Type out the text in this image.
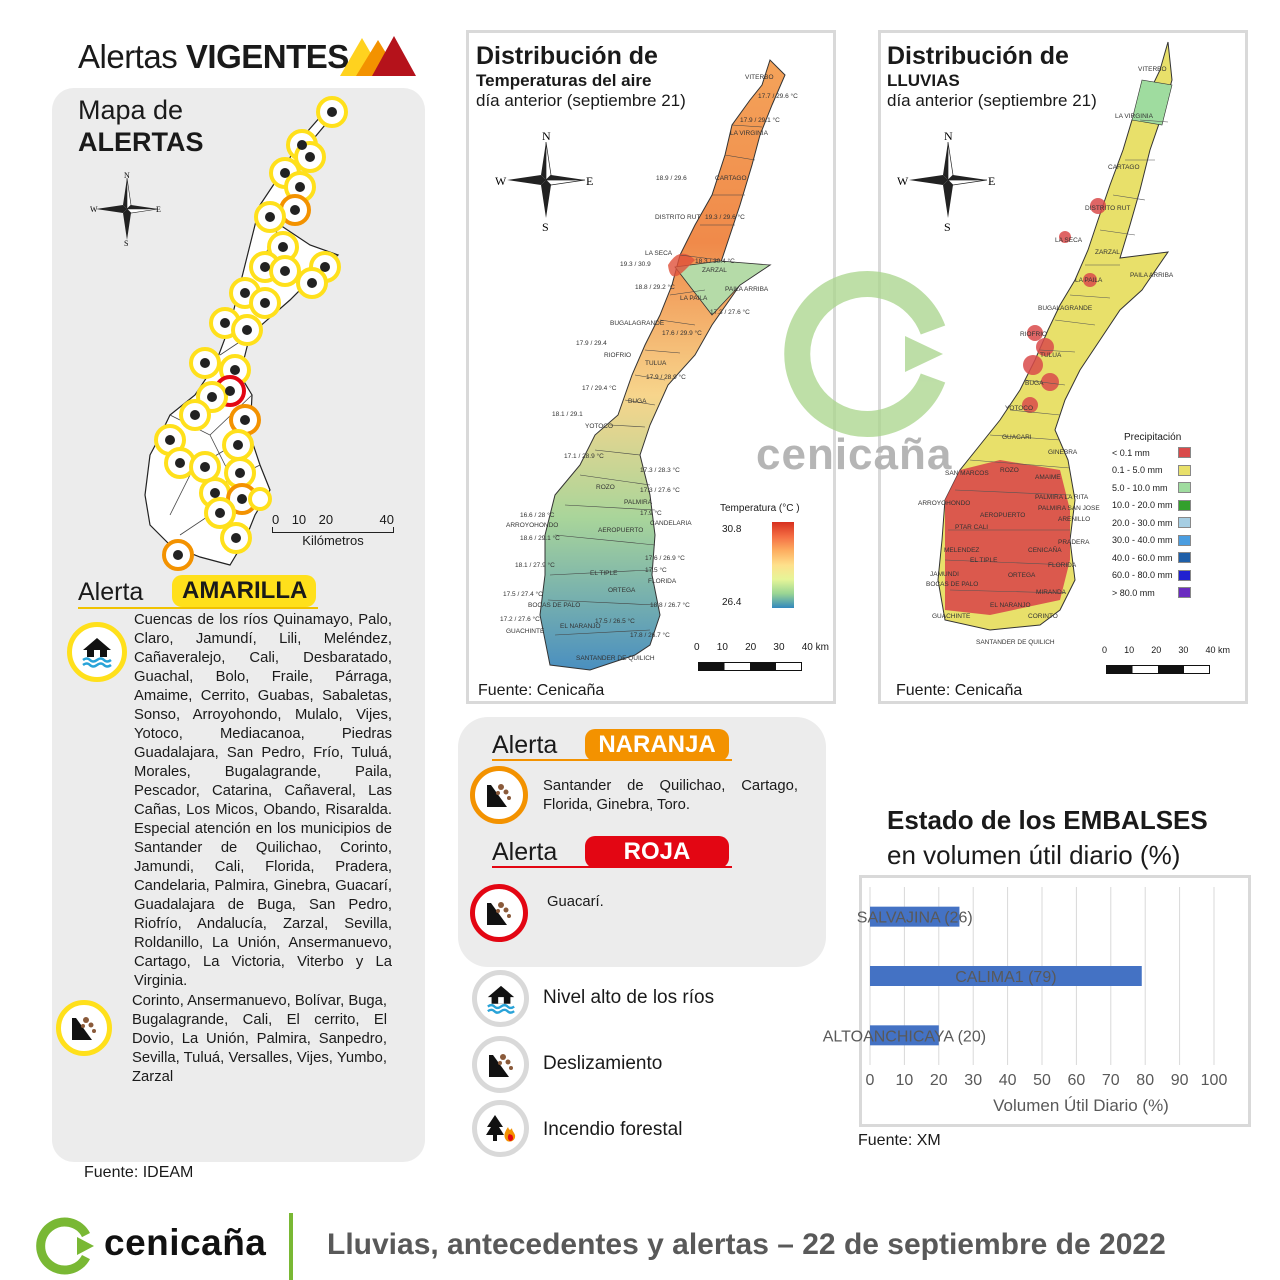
Alertas VIGENTES
Mapa de
ALERTAS
N
S
W	E
0 10 20	40
Kilómetros
Alerta	AMARILLA
Cuencas de los ríos Quinamayo, Palo, Claro, Jamundí, Lili, Meléndez, Cañaveralejo, Cali, Desbaratado, Guachal, Bolo, Fraile, Párraga, Amaime, Cerrito, Guabas, Sabaletas, Sonso, Arroyohondo, Mulalo, Vijes, Yotoco, Mediacanoa, Piedras Guadalajara, San Pedro, Frío, Tuluá, Morales, Bugalagrande, Paila, Pescador, Catarina, Cañaveral, Las Cañas, Los Micos, Obando, Risaralda. Especial atención en los municipios de Santander de Quilichao, Corinto, Jamundi, Cali, Florida, Pradera, Candelaria, Palmira, Ginebra, Guacarí, Guadalajara de Buga, San Pedro, Riofrío, Andalucía, Zarzal, Sevilla, Roldanillo, La Unión, Ansermanuevo, Cartago, La Victoria, Viterbo y La Virginia.
Corinto, Ansermanuevo, Bolívar, Buga, Bugalagrande, Cali, El cerrito, El Dovio, La Unión, Palmira, Sanpedro, Sevilla, Tuluá, Versalles, Vijes, Yumbo, Zarzal
Fuente: IDEAM
Distribución de
Temperaturas del aire
día anterior (septiembre 21)
N
S
W	E
VITERBO
17.7 / 29.6 °C
LA VIRGINIA
17.9 / 29.1 °C
CARTAGO
18.9 / 29.6
DISTRITO RUT 19.3 / 29.6 °C
LA SECA
19.3 / 30.9
ZARZAL
18.3 / 30.4 °C
LA PAILA
18.8 / 29.2 °C	PAILA ARRIBA
17.3 / 27.6 °C
BUGALAGRANDE
17.6 / 29.9 °C
RIOFRIO
17.9 / 29.4
TULUA
17.9 / 28.9 °C
BUGA
17 / 29.4 °C
YOTOCO
18.1 / 29.1
17.1 / 28.9 °C
ROZO
17.3 / 28.3 °C
PALMIRA
17.3 / 27.6 °C
ARROYOHONDO
16.6 / 28 °C
AEROPUERTO
17.9 °C
18.6 / 29.1 °C
CANDELARIA
17.6 / 26.9 °C
EL TIPLE
18.1 / 27.9 °C
FLORIDA
17.5 °C
BOCAS DE PALO
17.5 / 27.4 °C
ORTEGA
18.8 / 26.7 °C
GUACHINTE
17.2 / 27.6 °C
EL NARANJO
17.5 / 26.5 °C
SANTANDER DE QUILICH
17.8 / 26.7 °C
Temperatura (°C )
30.8
26.4
0 10 20 30 40 km
Fuente: Cenicaña
Distribución de
LLUVIAS
día anterior (septiembre 21)
N
S
W	E
VITERBO
LA VIRGINIA
CARTAGO
DISTRITO RUT
LA SECA
ZARZAL
LA PAILA
PAILA ARRIBA
BUGALAGRANDE
RIOFRIO
TULUA
BUGA
YOTOCO
GUACARI
GINEBRA
SAN MARCOS ROZO
AMAIME
ARROYOHONDO
PALMIRA LA RITA
PALMIRA SAN JOSE
AEROPUERTO
PTAR CALI
ARENILLO
PRADERA
MELENDEZ
EL TIPLE
CENICAÑA
FLORIDA
ORTEGA
JAMUNDI
BOCAS DE PALO
MIRANDA
GUACHINTE
EL NARANJO
CORINTO
SANTANDER DE QUILICH
Precipitación
< 0.1 mm
0.1 - 5.0 mm
5.0 - 10.0 mm
10.0 - 20.0 mm
20.0 - 30.0 mm
30.0 - 40.0 mm
40.0 - 60.0 mm
60.0 - 80.0 mm
> 80.0 mm
0 10 20 30 40 km
Fuente: Cenicaña
cenicaña
Alerta	NARANJA
Santander de Quilichao, Cartago, Florida, Ginebra, Toro.
Alerta	ROJA
Guacarí.
Nivel alto de los ríos
Deslizamiento
Incendio forestal
Estado de los EMBALSES
en volumen útil diario (%)
SALVAJINA (26)
CALIMA1 (79)
ALTOANCHICAYA (20)
0 10 20 30 40 50 60 70 80 90 100
Volumen Útil Diario (%)
Fuente: XM
cenicaña Lluvias, antecedentes y alertas – 22 de septiembre de 2022
